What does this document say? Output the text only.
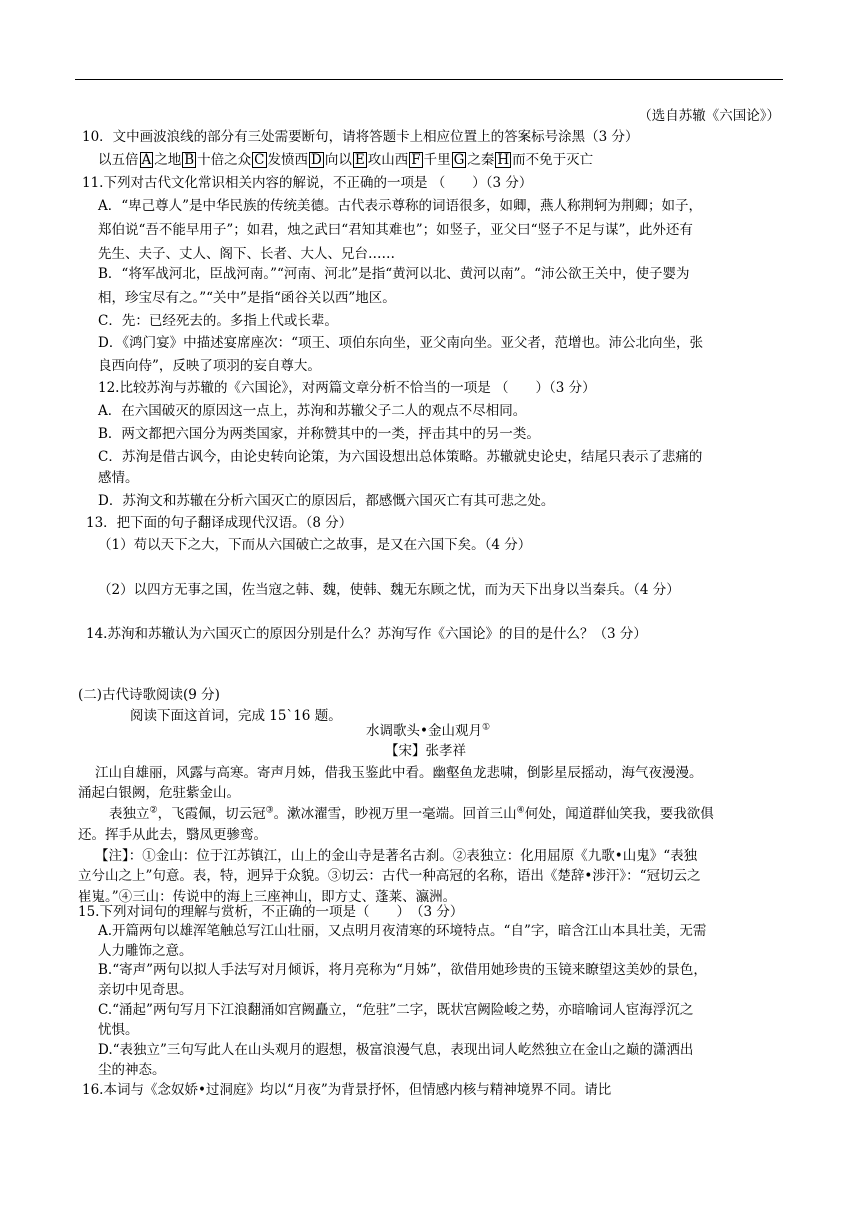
（选自苏辙《六国论》）
10．文中画波浪线的部分有三处需要断句，请将答题卡上相应位置上的答案标号涂黑（3 分）
以五倍 A 之地 B 十倍之众 C 发愤西 D 向以 E 攻山西 F 千里 G 之秦 H 而不免于灭亡
11.下列对古代文化常识相关内容的解说，不正确的一项是 （　　）（3 分）
A．“卑己尊人”是中华民族的传统美德。古代表示尊称的词语很多，如卿，燕人称荆轲为荆卿；如子，
郑伯说“吾不能早用子”；如君，烛之武曰“君知其难也”；如竖子，亚父曰“竖子不足与谋”，此外还有
先生、夫子、丈人、阁下、长者、大人、兄台……
B．“将军战河北，臣战河南。”“河南、河北”是指“黄河以北、黄河以南”。“沛公欲王关中，使子婴为
相，珍宝尽有之。”“关中”是指“函谷关以西”地区。
C．先：已经死去的。多指上代或长辈。
D．《鸿门宴》中描述宴席座次：“项王、项伯东向坐，亚父南向坐。亚父者，范增也。沛公北向坐，张
良西向侍”，反映了项羽的妄自尊大。
12.比较苏洵与苏辙的《六国论》，对两篇文章分析不恰当的一项是 （　　）（3 分）
A．在六国破灭的原因这一点上，苏洵和苏辙父子二人的观点不尽相同。
B．两文都把六国分为两类国家，并称赞其中的一类，抨击其中的另一类。
C．苏洵是借古讽今，由论史转向论策，为六国设想出总体策略。苏辙就史论史，结尾只表示了悲痛的
感情。
D．苏洵文和苏辙在分析六国灭亡的原因后，都感慨六国灭亡有其可悲之处。
13．把下面的句子翻译成现代汉语。（8 分）
（1）苟以天下之大，下而从六国破亡之故事，是又在六国下矣。（4 分）
（2）以四方无事之国，佐当寇之韩、魏，使韩、魏无东顾之忧，而为天下出身以当秦兵。（4 分）
14.苏洵和苏辙认为六国灭亡的原因分别是什么？苏洵写作《六国论》的目的是什么？（3 分）
(二)古代诗歌阅读(9 分)
阅读下面这首词，完成 15`16 题。
水调歌头•金山观月①
【宋】张孝祥
江山自雄丽，风露与高寒。寄声月姊，借我玉鉴此中看。幽壑鱼龙悲啸，倒影星辰摇动，海气夜漫漫。
涌起白银阙，危驻紫金山。
表独立②，飞霞佩，切云冠③。漱冰濯雪，眇视万里一毫端。回首三山④何处，闻道群仙笑我，要我欲俱
还。挥手从此去，翳凤更骖鸾。
【注】：①金山：位于江苏镇江，山上的金山寺是著名古刹。②表独立：化用屈原《九歌•山鬼》“表独
立兮山之上”句意。表，特，迥异于众貌。③切云：古代一种高冠的名称，语出《楚辞•涉汗》：“冠切云之
崔嵬。”④三山：传说中的海上三座神山，即方丈、蓬莱、瀛洲。
15.下列对词句的理解与赏析，不正确的一项是（　　）　（3 分）
A.开篇两句以雄浑笔触总写江山壮丽，又点明月夜清寒的环境特点。“自”字，暗含江山本具壮美，无需
人力雕饰之意。
B.“寄声”两句以拟人手法写对月倾诉，将月亮称为“月姊”，欲借用她珍贵的玉镜来瞭望这美妙的景色，
亲切中见奇思。
C.“涌起”两句写月下江浪翻涌如宫阙矗立，“危驻”二字，既状宫阙险峻之势，亦暗喻词人宦海浮沉之
忧惧。
D.“表独立”三句写此人在山头观月的遐想，极富浪漫气息，表现出词人屹然独立在金山之巅的潇洒出
尘的神态。
16.本词与《念奴娇•过洞庭》均以“月夜”为背景抒怀，但情感内核与精神境界不同。请比
